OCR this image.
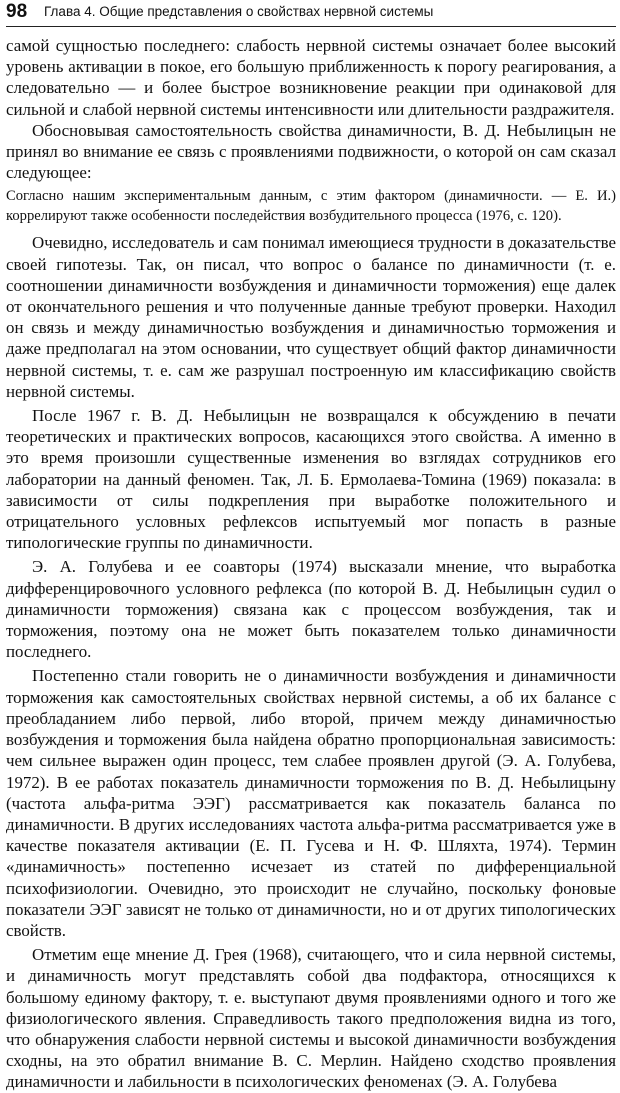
98 Глава 4. Общие представления о свойствах нервной системы

самой сущностью последнего: слабость нервной системы означает более высокий уровень активации в покое, его большую приближенность к порогу реагирования, а следовательно — и более быстрое возникновение реакции при одинаковой для сильной и слабой нервной системы интенсивности или длительности раздражителя.

Обосновывая самостоятельность свойства динамичности, В. Д. Небылицын не принял во внимание ее связь с проявлениями подвижности, о которой он сам сказал следующее:

Согласно нашим экспериментальным данным, с этим фактором (динамичности. — Е. И.) коррелируют также особенности последействия возбудительного процесса (1976, с. 120).

Очевидно, исследователь и сам понимал имеющиеся трудности в доказательстве своей гипотезы. Так, он писал, что вопрос о балансе по динамичности (т. е. соотношении динамичности возбуждения и динамичности торможения) еще далек от окончательного решения и что полученные данные требуют проверки. Находил он связь и между динамичностью возбуждения и динамичностью торможения и даже предполагал на этом основании, что существует общий фактор динамичности нервной системы, т. е. сам же разрушал построенную им классификацию свойств нервной системы.

После 1967 г. В. Д. Небылицын не возвращался к обсуждению в печати теоретических и практических вопросов, касающихся этого свойства. А именно в это время произошли существенные изменения во взглядах сотрудников его лаборатории на данный феномен. Так, Л. Б. Ермолаева-Томина (1969) показала: в зависимости от силы подкрепления при выработке положительного и отрицательного условных рефлексов испытуемый мог попасть в разные типологические группы по динамичности.

Э. А. Голубева и ее соавторы (1974) высказали мнение, что выработка дифференцировочного условного рефлекса (по которой В. Д. Небылицын судил о динамичности торможения) связана как с процессом возбуждения, так и торможения, поэтому она не может быть показателем только динамичности последнего.

Постепенно стали говорить не о динамичности возбуждения и динамичности торможения как самостоятельных свойствах нервной системы, а об их балансе с преобладанием либо первой, либо второй, причем между динамичностью возбуждения и торможения была найдена обратно пропорциональная зависимость: чем сильнее выражен один процесс, тем слабее проявлен другой (Э. А. Голубева, 1972). В ее работах показатель динамичности торможения по В. Д. Небылицыну (частота альфа-ритма ЭЭГ) рассматривается как показатель баланса по динамичности. В других исследованиях частота альфа-ритма рассматривается уже в качестве показателя активации (Е. П. Гусева и Н. Ф. Шляхта, 1974). Термин «динамичность» постепенно исчезает из статей по дифференциальной психофизиологии. Очевидно, это происходит не случайно, поскольку фоновые показатели ЭЭГ зависят не только от динамичности, но и от других типологических свойств.

Отметим еще мнение Д. Грея (1968), считающего, что и сила нервной системы, и динамичность могут представлять собой два подфактора, относящихся к большому единому фактору, т. е. выступают двумя проявлениями одного и того же физиологического явления. Справедливость такого предположения видна из того, что обнаружения слабости нервной системы и высокой динамичности возбуждения сходны, на это обратил внимание В. С. Мерлин. Найдено сходство проявления динамичности и лабильности в психологических феноменах (Э. А. Голубева
